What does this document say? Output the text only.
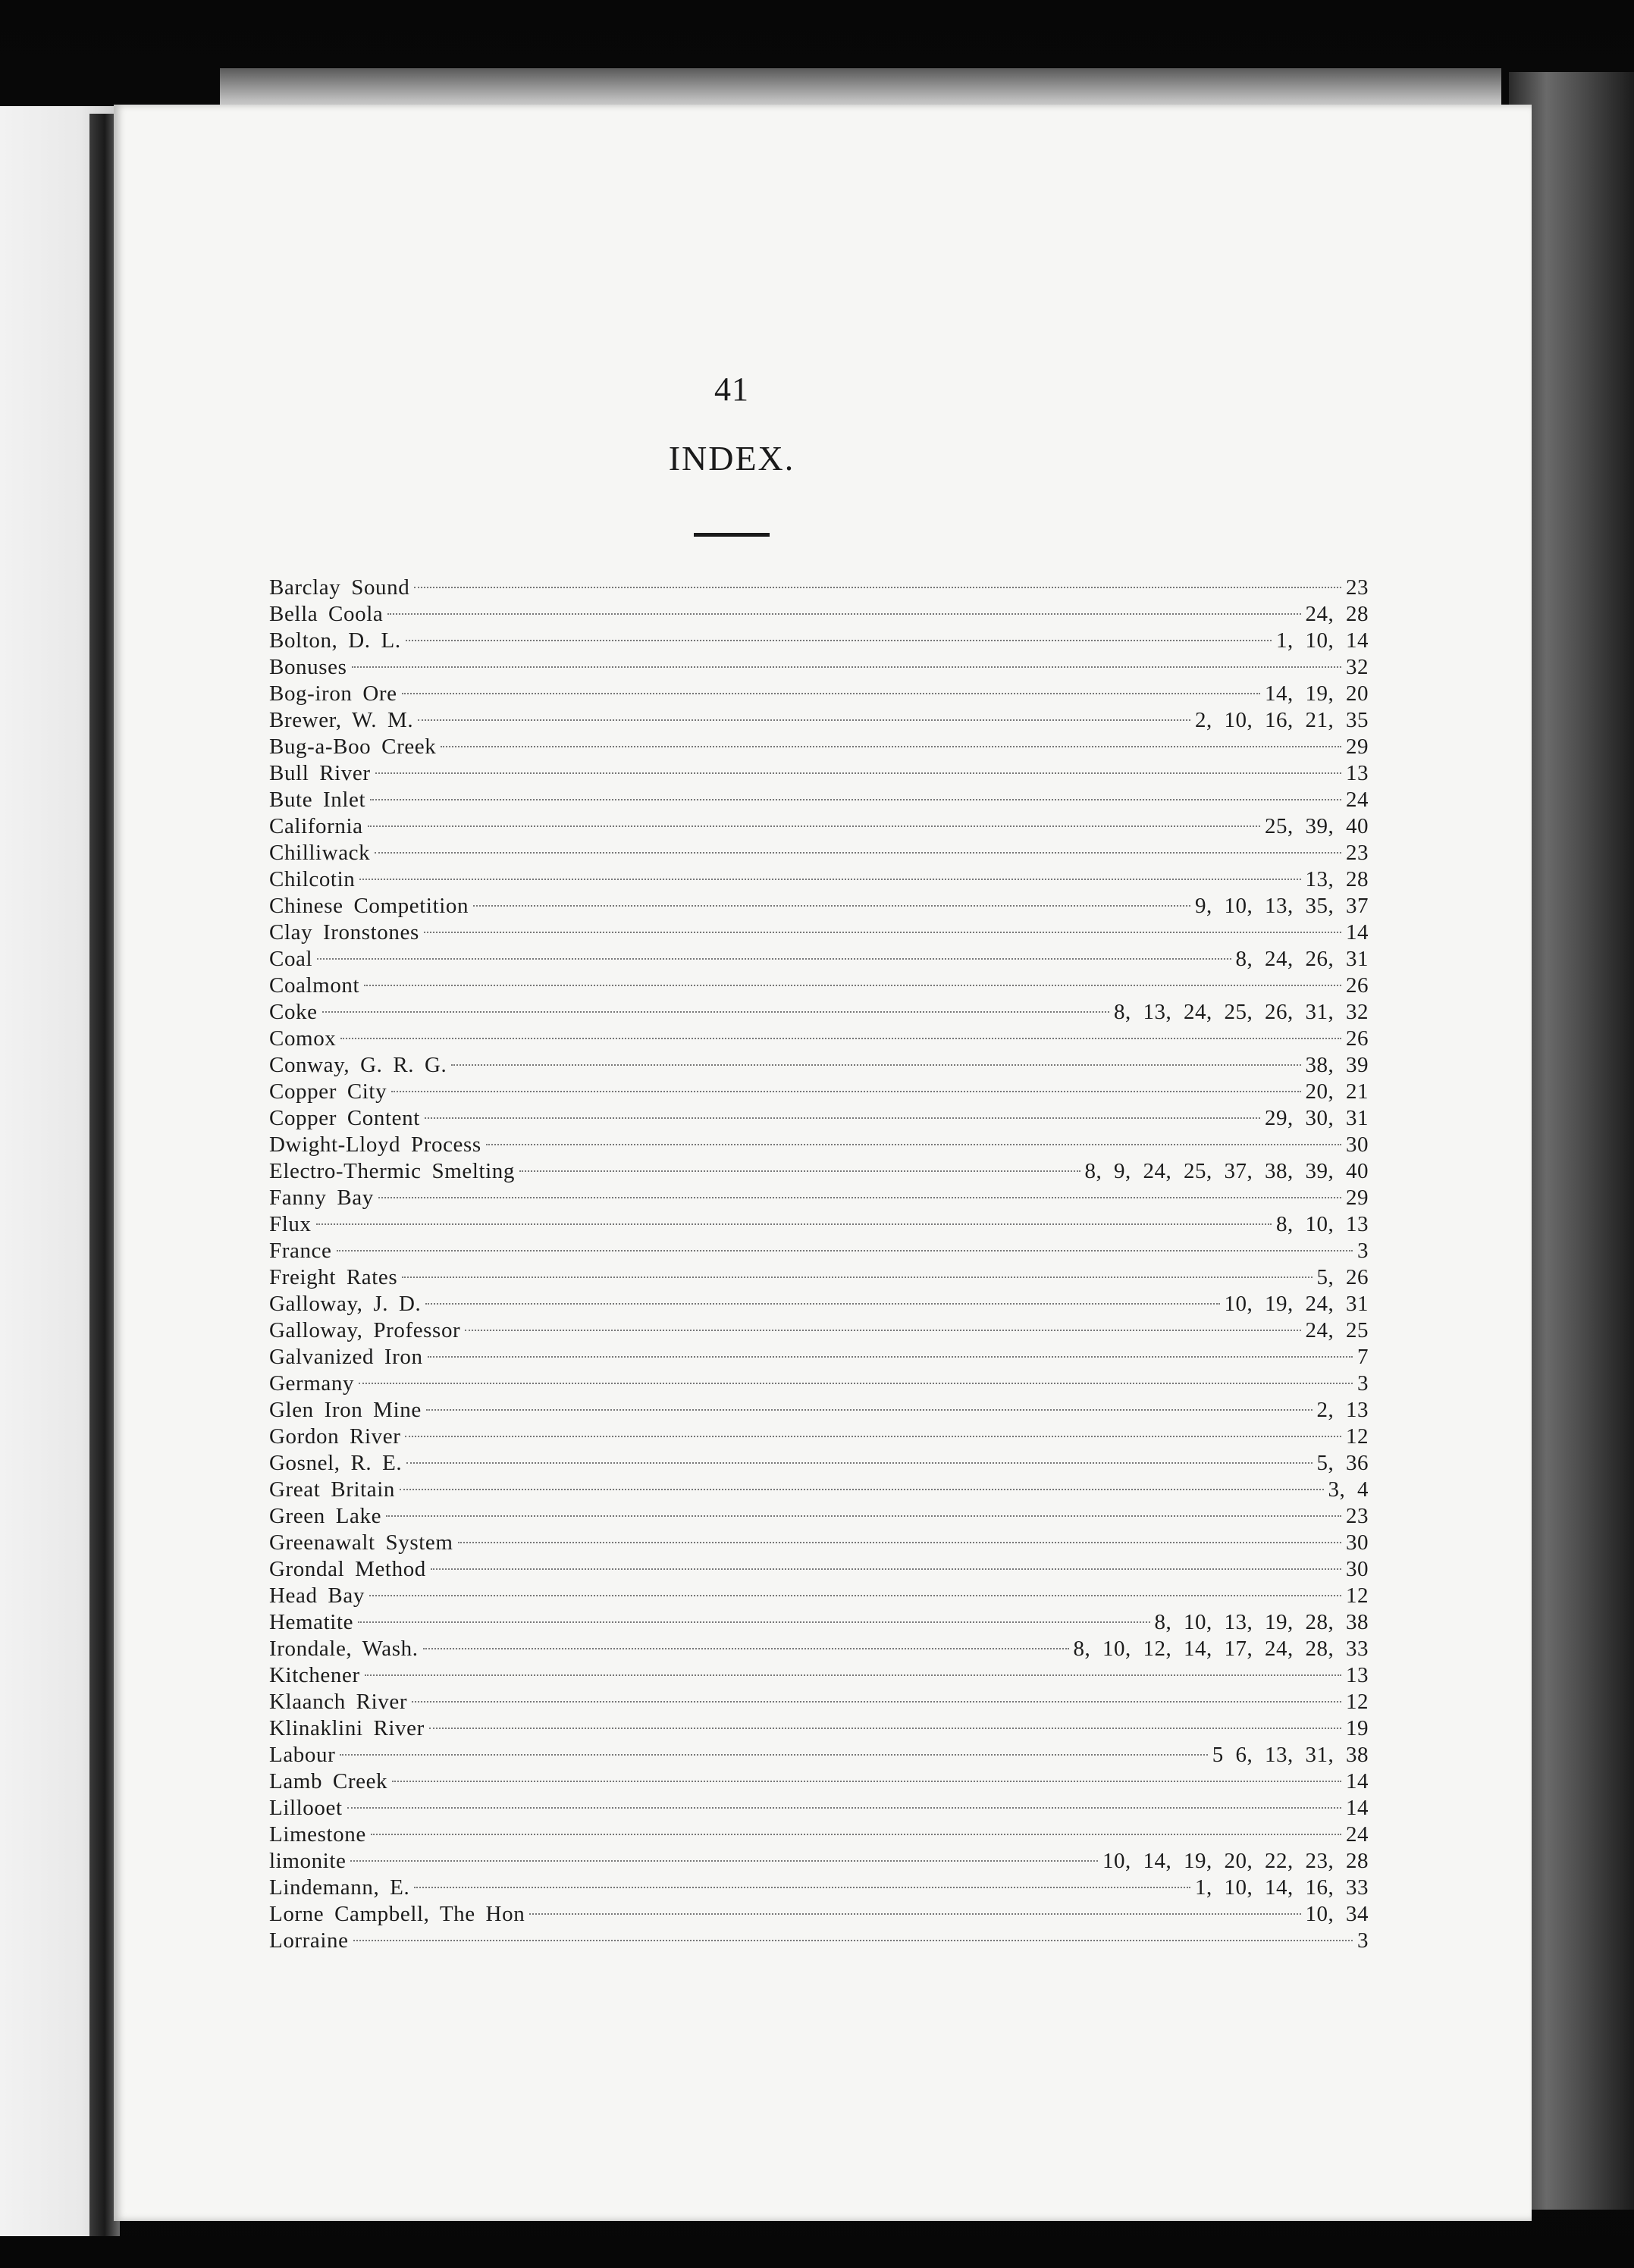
41
INDEX.
Barclay Sound	23
Bella Coola	24, 28
Bolton, D. L.	1, 10, 14
Bonuses	32
Bog-iron Ore	14, 19, 20
Brewer, W. M.	2, 10, 16, 21, 35
Bug-a-Boo Creek	29
Bull River	13
Bute Inlet	24
California	25, 39, 40
Chilliwack	23
Chilcotin	13, 28
Chinese Competition	9, 10, 13, 35, 37
Clay Ironstones	14
Coal	8, 24, 26, 31
Coalmont	26
Coke	8, 13, 24, 25, 26, 31, 32
Comox	26
Conway, G. R. G.	38, 39
Copper City	20, 21
Copper Content	29, 30, 31
Dwight-Lloyd Process	30
Electro-Thermic Smelting	8, 9, 24, 25, 37, 38, 39, 40
Fanny Bay	29
Flux	8, 10, 13
France	3
Freight Rates	5, 26
Galloway, J. D.	10, 19, 24, 31
Galloway, Professor	24, 25
Galvanized Iron	7
Germany	3
Glen Iron Mine	2, 13
Gordon River	12
Gosnel, R. E.	5, 36
Great Britain	3, 4
Green Lake	23
Greenawalt System	30
Grondal Method	30
Head Bay	12
Hematite	8, 10, 13, 19, 28, 38
Irondale, Wash.	8, 10, 12, 14, 17, 24, 28, 33
Kitchener	13
Klaanch River	12
Klinaklini River	19
Labour	5 6, 13, 31, 38
Lamb Creek	14
Lillooet	14
Limestone	24
limonite	10, 14, 19, 20, 22, 23, 28
Lindemann, E.	1, 10, 14, 16, 33
Lorne Campbell, The Hon	10, 34
Lorraine	3
